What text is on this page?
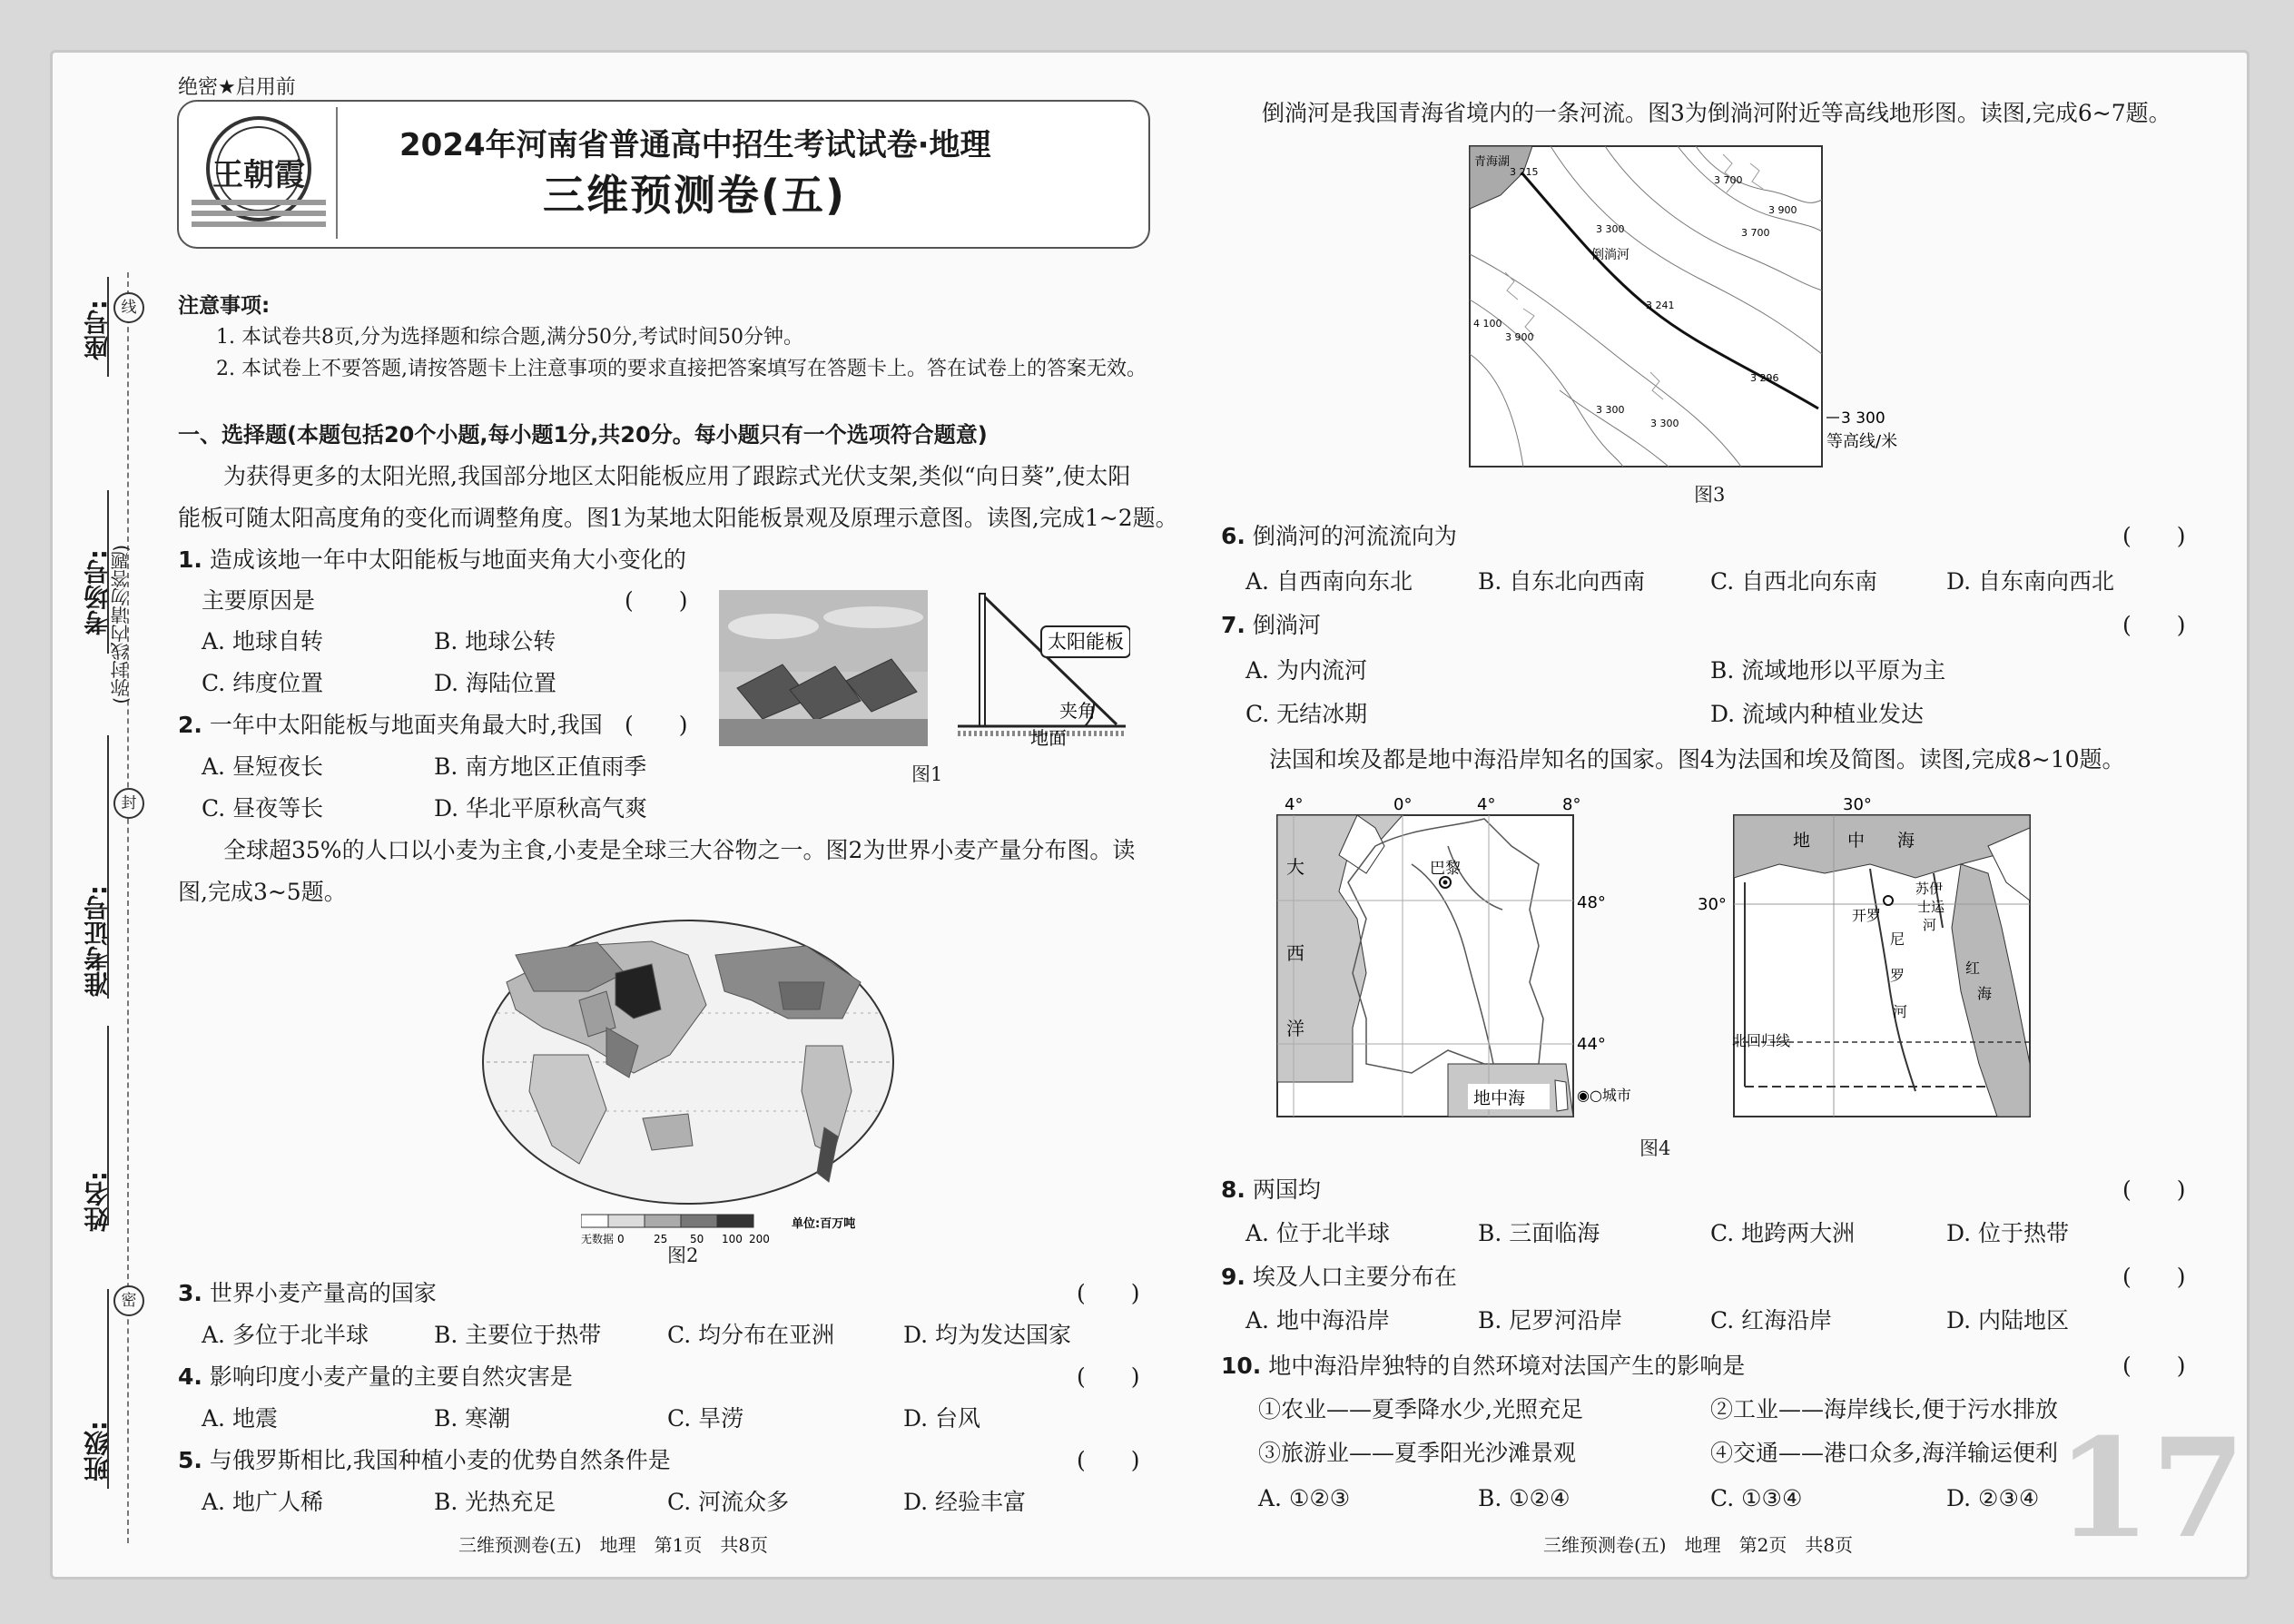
线
封
密
(弥封线内请勿答题)
座号:
考场号:
准考证号:
姓名:
班级:
绝密★启用前
王朝霞
2024年河南省普通高中招生考试试卷·地理
三维预测卷(五)
注意事项:
1. 本试卷共8页,分为选择题和综合题,满分50分,考试时间50分钟。
2. 本试卷上不要答题,请按答题卡上注意事项的要求直接把答案填写在答题卡上。答在试卷上的答案无效。
一、选择题(本题包括20个小题,每小题1分,共20分。每小题只有一个选项符合题意)
为获得更多的太阳光照,我国部分地区太阳能板应用了跟踪式光伏支架,类似“向日葵”,使太阳
能板可随太阳高度角的变化而调整角度。图1为某地太阳能板景观及原理示意图。读图,完成1~2题。
1. 造成该地一年中太阳能板与地面夹角大小变化的
主要原因是	(　　)
A. 地球自转	B. 地球公转
C. 纬度位置	D. 海陆位置
2. 一年中太阳能板与地面夹角最大时,我国 (　　)
A. 昼短夜长	B. 南方地区正值雨季
C. 昼夜等长	D. 华北平原秋高气爽
太阳能板
夹角
地面
图1
全球超35%的人口以小麦为主食,小麦是全球三大谷物之一。图2为世界小麦产量分布图。读
图,完成3~5题。
无数据 0	25 50 100 200
单位:百万吨
图2
3. 世界小麦产量高的国家	(　　)
A. 多位于北半球	B. 主要位于热带	C. 均分布在亚洲	D. 均为发达国家
4. 影响印度小麦产量的主要自然灾害是	(　　)
A. 地震	B. 寒潮	C. 旱涝	D. 台风
5. 与俄罗斯相比,我国种植小麦的优势自然条件是	(　　)
A. 地广人稀	B. 光热充足	C. 河流众多	D. 经验丰富
三维预测卷(五)　地理　第1页　共8页
倒淌河是我国青海省境内的一条河流。图3为倒淌河附近等高线地形图。读图,完成6~7题。
青海湖
3 215
3 300
3 241
3 700
3 900
4 100
3 296
3 900
3 300
3 300
3 700
倒淌河
3 300
等高线/米
图3
6. 倒淌河的河流流向为	(　　)
A. 自西南向东北	B. 自东北向西南	C. 自西北向东南	D. 自东南向西北
7. 倒淌河	(　　)
A. 为内流河	B. 流域地形以平原为主
C. 无结冰期	D. 流域内种植业发达
法国和埃及都是地中海沿岸知名的国家。图4为法国和埃及简图。读图,完成8~10题。
4°	0°	4°	8°
巴黎
大
西
洋
地中海
48°
44°
◉○城市
30°
30°
地 中 海
开罗
苏伊
士运
河
尼
罗
河
红
海
北回归线
图4
8. 两国均	(　　)
A. 位于北半球	B. 三面临海	C. 地跨两大洲	D. 位于热带
9. 埃及人口主要分布在	(　　)
A. 地中海沿岸	B. 尼罗河沿岸	C. 红海沿岸	D. 内陆地区
10. 地中海沿岸独特的自然环境对法国产生的影响是	(　　)
①农业——夏季降水少,光照充足	②工业——海岸线长,便于污水排放
③旅游业——夏季阳光沙滩景观	④交通——港口众多,海洋输运便利
A. ①②③	B. ①②④	C. ①③④	D. ②③④ 17
三维预测卷(五)　地理　第2页　共8页
